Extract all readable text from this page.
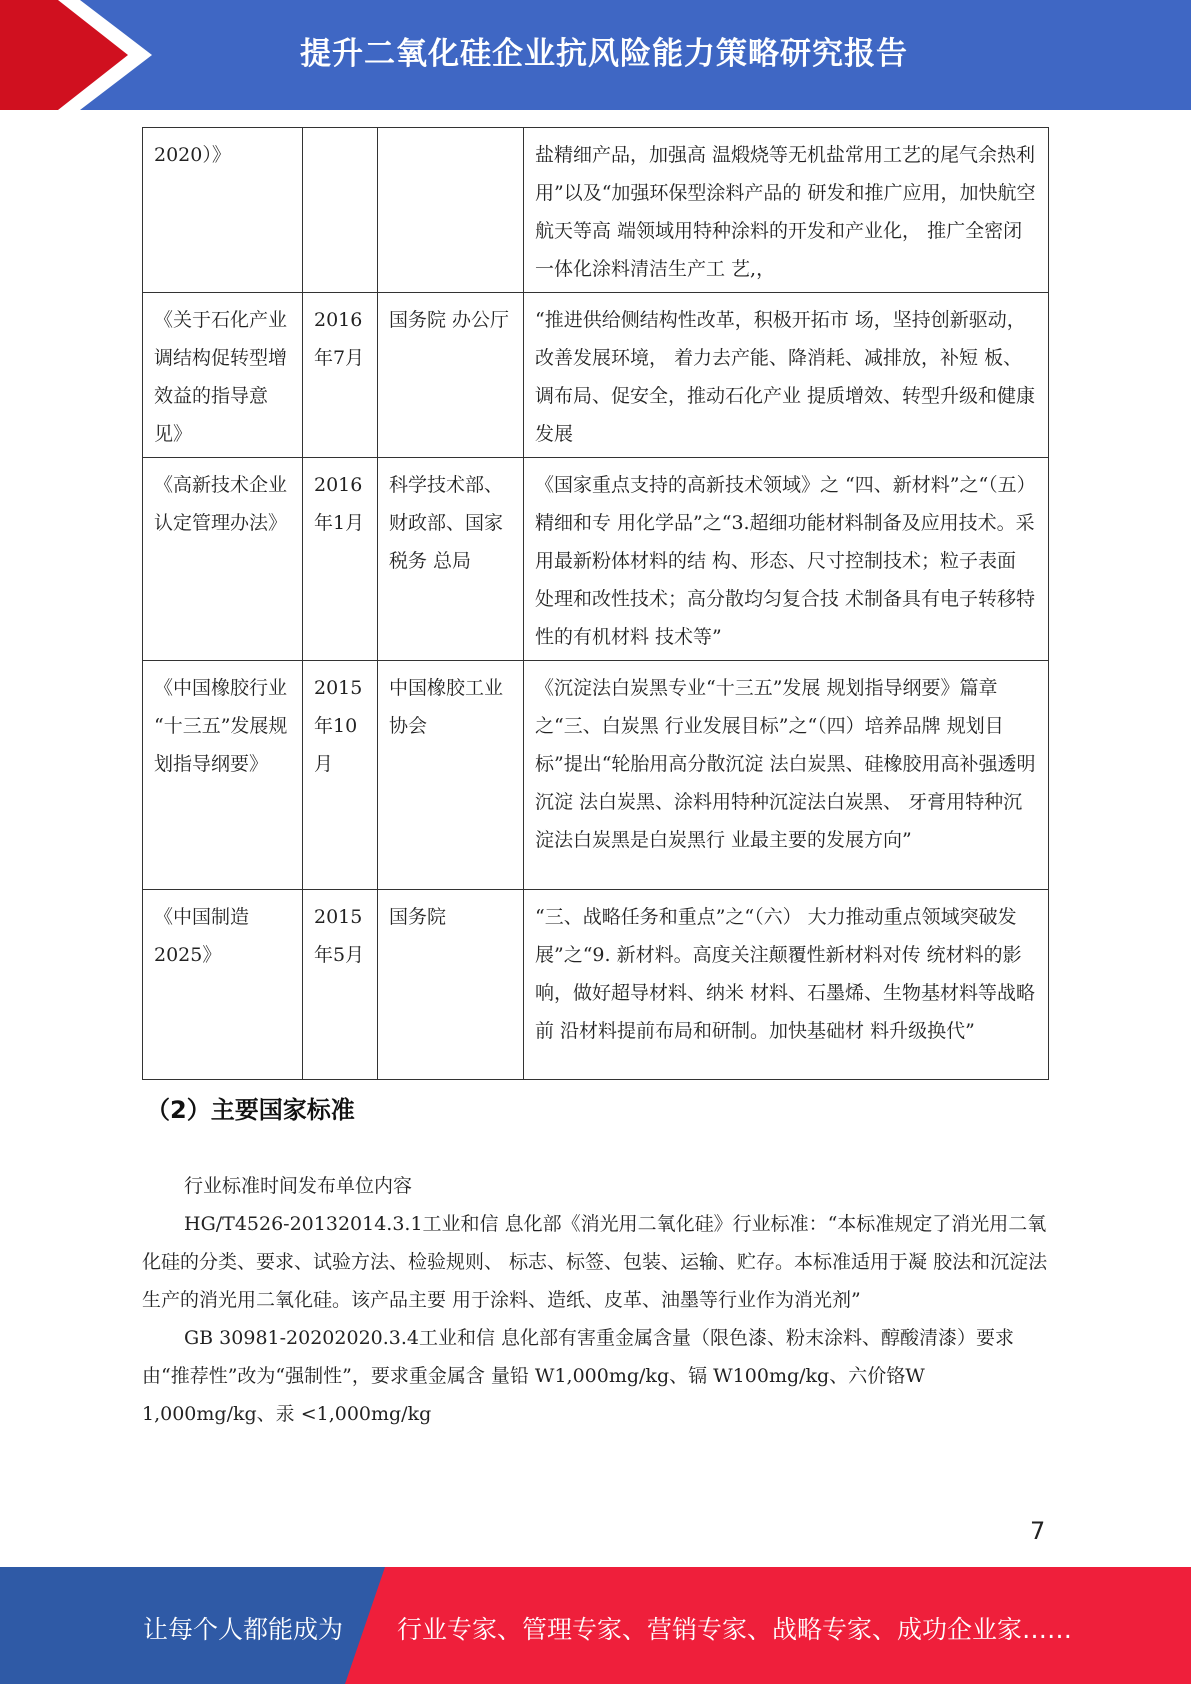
提升二氧化硅企业抗风险能力策略研究报告
2020）》			盐精细产品，加强高 温煅烧等无机盐常用工艺的尾气余热利用”以及“加强环保型涂料产品的 研发和推广应用，加快航空航天等高 端领域用特种涂料的开发和产业化， 推广全密闭一体化涂料清洁生产工 艺,，
《关于石化产业 调结构促转型增 效益的指导意见》	2016年7月	国务院 办公厅	“推进供给侧结构性改革，积极开拓市 场，坚持创新驱动，改善发展环境， 着力去产能、降消耗、减排放，补短 板、调布局、促安全，推动石化产业 提质增效、转型升级和健康发展
《高新技术企业 认定管理办法》	2016年1月	科学技术部、 财政部、国家 税务 总局	《国家重点支持的高新技术领域》之 “四、新材料”之“（五）精细和专 用化学品”之“3.超细功能材料制备及应用技术。采用最新粉体材料的结 构、形态、尺寸控制技术；粒子表面 处理和改性技术；高分散均匀复合技 术制备具有电子转移特性的有机材料 技术等”
《中国橡胶行业 “十三五”发展规划指导纲要》	2015年10月	中国橡胶工业 协会	《沉淀法白炭黑专业“十三五”发展 规划指导纲要》篇章之“三、白炭黑 行业发展目标”之“（四）培养品牌 规划目标”提出“轮胎用高分散沉淀 法白炭黑、硅橡胶用高补强透明沉淀 法白炭黑、涂料用特种沉淀法白炭黑、 牙膏用特种沉淀法白炭黑是白炭黑行 业最主要的发展方向”
《中国制造2025》	2015年5月	国务院	“三、战略任务和重点”之“（六） 大力推动重点领域突破发展”之“9. 新材料。高度关注颠覆性新材料对传 统材料的影响，做好超导材料、纳米 材料、石墨烯、生物基材料等战略前 沿材料提前布局和研制。加快基础材 料升级换代”
（2）主要国家标准

行业标准时间发布单位内容

HG/T4526-20132014.3.1工业和信 息化部《消光用二氧化硅》行业标准：“本标准规定了消光用二氧化硅的分类、要求、试验方法、检验规则、 标志、标签、包装、运输、贮存。本标准适用于凝 胶法和沉淀法生产的消光用二氧化硅。该产品主要 用于涂料、造纸、皮革、油墨等行业作为消光剂”

GB 30981-20202020.3.4工业和信 息化部有害重金属含量（限色漆、粉末涂料、醇酸清漆）要求由“推荐性”改为“强制性”，要求重金属含 量铅 W1,000mg/kg、镉 W100mg/kg、六价铬W 1,000mg/kg、汞 <1,000mg/kg

7
让每个人都能成为 行业专家、管理专家、营销专家、战略专家、成功企业家……
